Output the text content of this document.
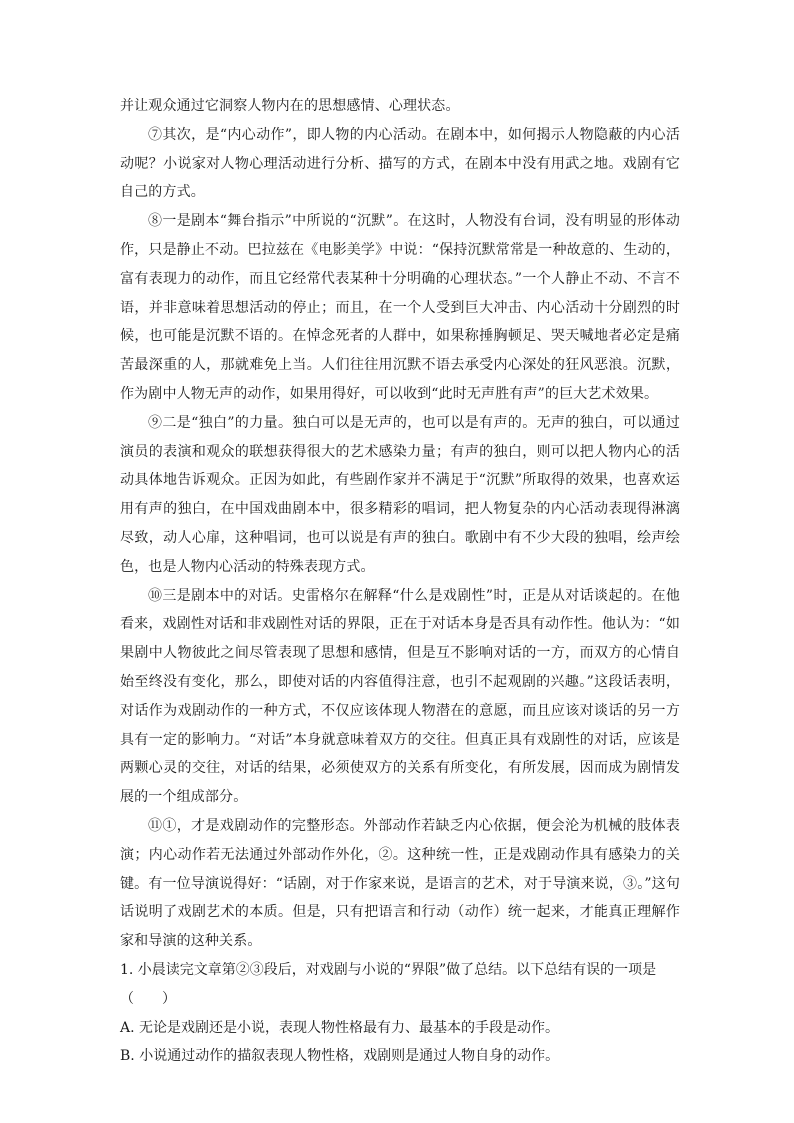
并让观众通过它洞察人物内在的思想感情、心理状态。

⑦其次，是“内心动作”，即人物的内心活动。在剧本中，如何揭示人物隐蔽的内心活动呢？小说家对人物心理活动进行分析、描写的方式，在剧本中没有用武之地。戏剧有它自己的方式。

⑧一是剧本“舞台指示”中所说的“沉默”。在这时，人物没有台词，没有明显的形体动作，只是静止不动。巴拉兹在《电影美学》中说：“保持沉默常常是一种故意的、生动的，富有表现力的动作，而且它经常代表某种十分明确的心理状态。”一个人静止不动、不言不语，并非意味着思想活动的停止；而且，在一个人受到巨大冲击、内心活动十分剧烈的时候，也可能是沉默不语的。在悼念死者的人群中，如果称捶胸顿足、哭天喊地者必定是痛苦最深重的人，那就难免上当。人们往往用沉默不语去承受内心深处的狂风恶浪。沉默，作为剧中人物无声的动作，如果用得好，可以收到“此时无声胜有声”的巨大艺术效果。

⑨二是“独白”的力量。独白可以是无声的，也可以是有声的。无声的独白，可以通过演员的表演和观众的联想获得很大的艺术感染力量；有声的独白，则可以把人物内心的活动具体地告诉观众。正因为如此，有些剧作家并不满足于“沉默”所取得的效果，也喜欢运用有声的独白，在中国戏曲剧本中，很多精彩的唱词，把人物复杂的内心活动表现得淋漓尽致，动人心扉，这种唱词，也可以说是有声的独白。歌剧中有不少大段的独唱，绘声绘色，也是人物内心活动的特殊表现方式。

⑩三是剧本中的对话。史雷格尔在解释“什么是戏剧性”时，正是从对话谈起的。在他看来，戏剧性对话和非戏剧性对话的界限，正在于对话本身是否具有动作性。他认为：“如果剧中人物彼此之间尽管表现了思想和感情，但是互不影响对话的一方，而双方的心情自始至终没有变化，那么，即使对话的内容值得注意，也引不起观剧的兴趣。”这段话表明，对话作为戏剧动作的一种方式，不仅应该体现人物潜在的意愿，而且应该对谈话的另一方具有一定的影响力。“对话”本身就意味着双方的交往。但真正具有戏剧性的对话，应该是两颗心灵的交往，对话的结果，必须使双方的关系有所变化，有所发展，因而成为剧情发展的一个组成部分。

⑪①，才是戏剧动作的完整形态。外部动作若缺乏内心依据，便会沦为机械的肢体表演；内心动作若无法通过外部动作外化，②。这种统一性，正是戏剧动作具有感染力的关键。有一位导演说得好：“话剧，对于作家来说，是语言的艺术，对于导演来说，③。”这句话说明了戏剧艺术的本质。但是，只有把语言和行动（动作）统一起来，才能真正理解作家和导演的这种关系。

1. 小晨读完文章第②③段后，对戏剧与小说的“界限”做了总结。以下总结有误的一项是（　　）

A. 无论是戏剧还是小说，表现人物性格最有力、最基本的手段是动作。

B. 小说通过动作的描叙表现人物性格，戏剧则是通过人物自身的动作。
